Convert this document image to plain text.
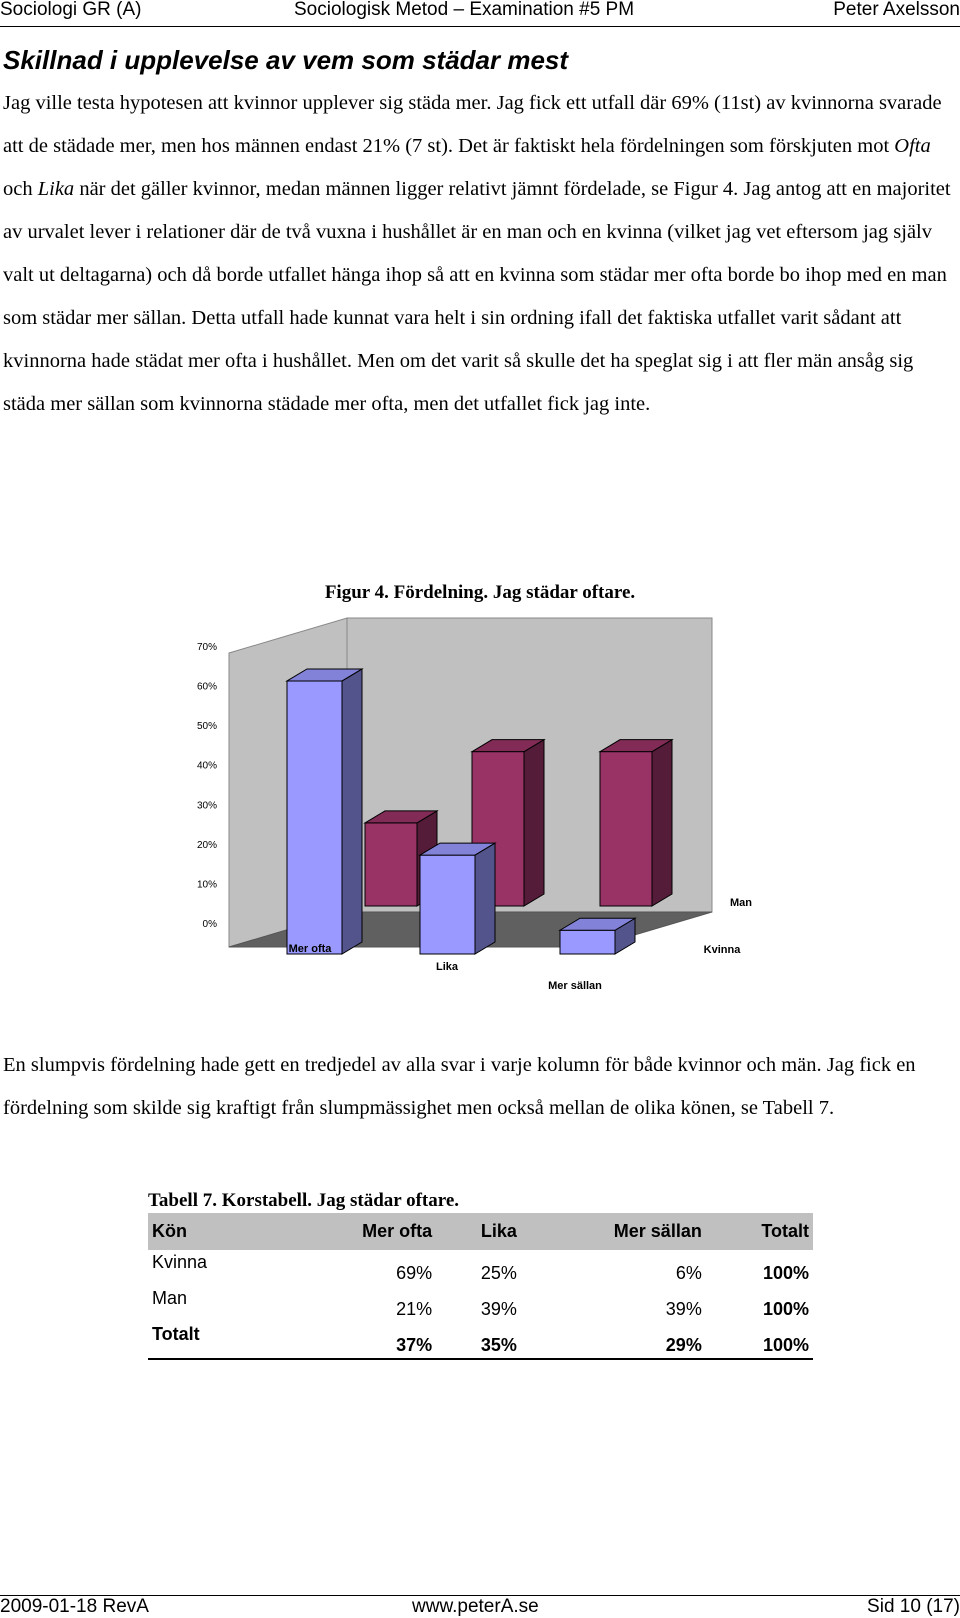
Sociologi GR (A)	Sociologisk Metod – Examination #5 PM	Peter Axelsson
Skillnad i upplevelse av vem som städar mest

Jag ville testa hypotesen att kvinnor upplever sig städa mer. Jag fick ett utfall där 69% (11st) av kvinnorna svarade att de städade mer, men hos männen endast 21% (7 st). Det är faktiskt hela fördelningen som förskjuten mot Ofta och Lika när det gäller kvinnor, medan männen ligger relativt jämnt fördelade, se Figur 4. Jag antog att en majoritet av urvalet lever i relationer där de två vuxna i hushållet är en man och en kvinna (vilket jag vet eftersom jag själv valt ut deltagarna) och då borde utfallet hänga ihop så att en kvinna som städar mer ofta borde bo ihop med en man som städar mer sällan. Detta utfall hade kunnat vara helt i sin ordning ifall det faktiska utfallet varit sådant att kvinnorna hade städat mer ofta i hushållet. Men om det varit så skulle det ha speglat sig i att fler män ansåg sig städa mer sällan som kvinnorna städade mer ofta, men det utfallet fick jag inte.

Figur 4. Fördelning. Jag städar oftare.
0%
10%
20%
30%
40%
50%
60%
70%
Mer ofta
Lika
Mer sällan
Kvinna
Man

En slumpvis fördelning hade gett en tredjedel av alla svar i varje kolumn för både kvinnor och män. Jag fick en fördelning som skilde sig kraftigt från slumpmässighet men också mellan de olika könen, se Tabell 7.

Tabell 7. Korstabell. Jag städar oftare.
Kön	Mer ofta	Lika	Mer sällan	Totalt
Kvinna	69%	25%	6%	100%
Man	21%	39%	39%	100%
Totalt	37%	35%	29%	100%
2009-01-18 RevA	www.peterA.se	Sid 10 (17)
